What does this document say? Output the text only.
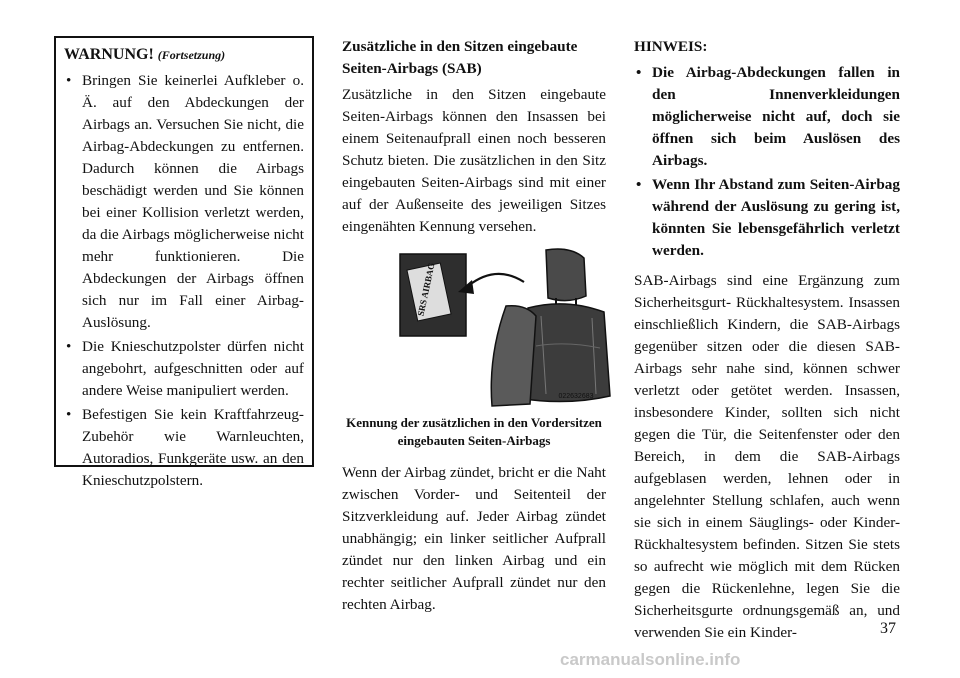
WARNUNG! (Fortsetzung)
• Bringen Sie keinerlei Aufkleber o. Ä. auf den Abdeckungen der Airbags an. Versuchen Sie nicht, die Airbag-Abdeckungen zu entfernen. Dadurch können die Airbags beschädigt werden und Sie können bei einer Kollision verletzt werden, da die Airbags möglicherweise nicht mehr funktionieren. Die Abdeckungen der Airbags öffnen sich nur im Fall einer Airbag-Auslösung.
• Die Knieschutzpolster dürfen nicht angebohrt, aufgeschnitten oder auf andere Weise manipuliert werden.
• Befestigen Sie kein Kraftfahrzeug-Zubehör wie Warnleuchten, Autoradios, Funkgeräte usw. an den Knieschutzpolstern.
Zusätzliche in den Sitzen eingebaute Seiten-Airbags (SAB)

Zusätzliche in den Sitzen eingebaute Seiten-Airbags können den Insassen bei einem Seitenaufprall einen noch besseren Schutz bieten. Die zusätzlichen in den Sitz eingebauten Seiten-Airbags sind mit einer auf der Außenseite des jeweiligen Sitzes eingenähten Kennung versehen.

SRS AIRBAG
022632683
Kennung der zusätzlichen in den Vordersitzen eingebauten Seiten-Airbags

Wenn der Airbag zündet, bricht er die Naht zwischen Vorder- und Seitenteil der Sitzverkleidung auf. Jeder Airbag zündet unabhängig; ein linker seitlicher Aufprall zündet nur den linken Airbag und ein rechter seitlicher Aufprall zündet nur den rechten Airbag.

HINWEIS:
• Die Airbag-Abdeckungen fallen in den Innenverkleidungen möglicherweise nicht auf, doch sie öffnen sich beim Auslösen des Airbags.
• Wenn Ihr Abstand zum Seiten-Airbag während der Auslösung zu gering ist, könnten Sie lebensgefährlich verletzt werden.

SAB-Airbags sind eine Ergänzung zum Sicherheitsgurt- Rückhaltesystem. Insassen einschließlich Kindern, die SAB-Airbags gegenüber sitzen oder die diesen SAB-Airbags sehr nahe sind, können schwer verletzt oder getötet werden. Insassen, insbesondere Kinder, sollten sich nicht gegen die Tür, die Seitenfenster oder den Bereich, in dem die SAB-Airbags aufgeblasen werden, lehnen oder in angelehnter Stellung schlafen, auch wenn sie sich in einem Säuglings- oder Kinder-Rückhaltesystem befinden. Sitzen Sie stets so aufrecht wie möglich mit dem Rücken gegen die Rückenlehne, legen Sie die Sicherheitsgurte ordnungsgemäß an, und verwenden Sie ein Kinder-	37
carmanualsonline.info
